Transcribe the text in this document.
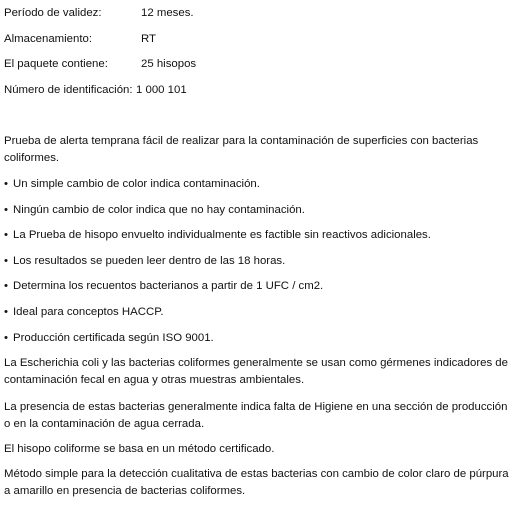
Período de validez:	12 meses.
Almacenamiento:	RT
El paquete contiene:	25 hisopos
Número de identificación: 1 000 101
Prueba de alerta temprana fácil de realizar para la contaminación de superficies con bacterias coliformes.
• Un simple cambio de color indica contaminación.
• Ningún cambio de color indica que no hay contaminación.
• La Prueba de hisopo envuelto individualmente es factible sin reactivos adicionales.
• Los resultados se pueden leer dentro de las 18 horas.
• Determina los recuentos bacterianos a partir de 1 UFC / cm2.
• Ideal para conceptos HACCP.
• Producción certificada según ISO 9001.
La Escherichia coli y las bacterias coliformes generalmente se usan como gérmenes indicadores de contaminación fecal en agua y otras muestras ambientales.
La presencia de estas bacterias generalmente indica falta de Higiene en una sección de producción o en la contaminación de agua cerrada.
El hisopo coliforme se basa en un método certificado.
Método simple para la detección cualitativa de estas bacterias con cambio de color claro de púrpura a amarillo en presencia de bacterias coliformes.
